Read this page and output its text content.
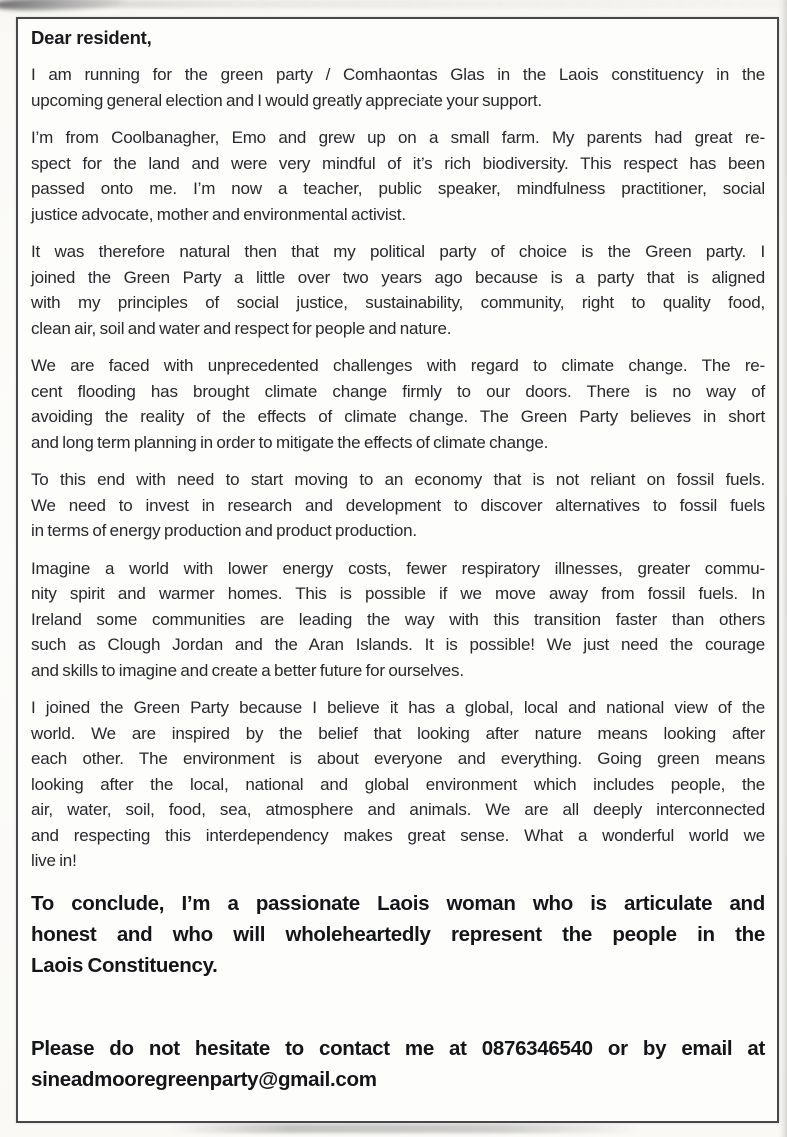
Dear resident,

I am running for the green party / Comhaontas Glas in the Laois constituency in the
upcoming general election and I would greatly appreciate your support.

I’m from Coolbanagher, Emo and grew up on a small farm. My parents had great re-
spect for the land and were very mindful of it’s rich biodiversity. This respect has been
passed onto me. I’m now a teacher, public speaker, mindfulness practitioner, social
justice advocate, mother and environmental activist.

It was therefore natural then that my political party of choice is the Green party. I
joined the Green Party a little over two years ago because is a party that is aligned
with my principles of social justice, sustainability, community, right to quality food,
clean air, soil and water and respect for people and nature.

We are faced with unprecedented challenges with regard to climate change. The re-
cent flooding has brought climate change firmly to our doors. There is no way of
avoiding the reality of the effects of climate change. The Green Party believes in short
and long term planning in order to mitigate the effects of climate change.

To this end with need to start moving to an economy that is not reliant on fossil fuels.
We need to invest in research and development to discover alternatives to fossil fuels
in terms of energy production and product production.

Imagine a world with lower energy costs, fewer respiratory illnesses, greater commu-
nity spirit and warmer homes. This is possible if we move away from fossil fuels. In
Ireland some communities are leading the way with this transition faster than others
such as Clough Jordan and the Aran Islands. It is possible! We just need the courage
and skills to imagine and create a better future for ourselves.

I joined the Green Party because I believe it has a global, local and national view of the
world. We are inspired by the belief that looking after nature means looking after
each other. The environment is about everyone and everything. Going green means
looking after the local, national and global environment which includes people, the
air, water, soil, food, sea, atmosphere and animals. We are all deeply interconnected
and respecting this interdependency makes great sense. What a wonderful world we
live in!

To conclude, I’m a passionate Laois woman who is articulate and
honest and who will wholeheartedly represent the people in the
Laois Constituency.

Please do not hesitate to contact me at 0876346540 or by email at
sineadmooregreenparty@gmail.com
